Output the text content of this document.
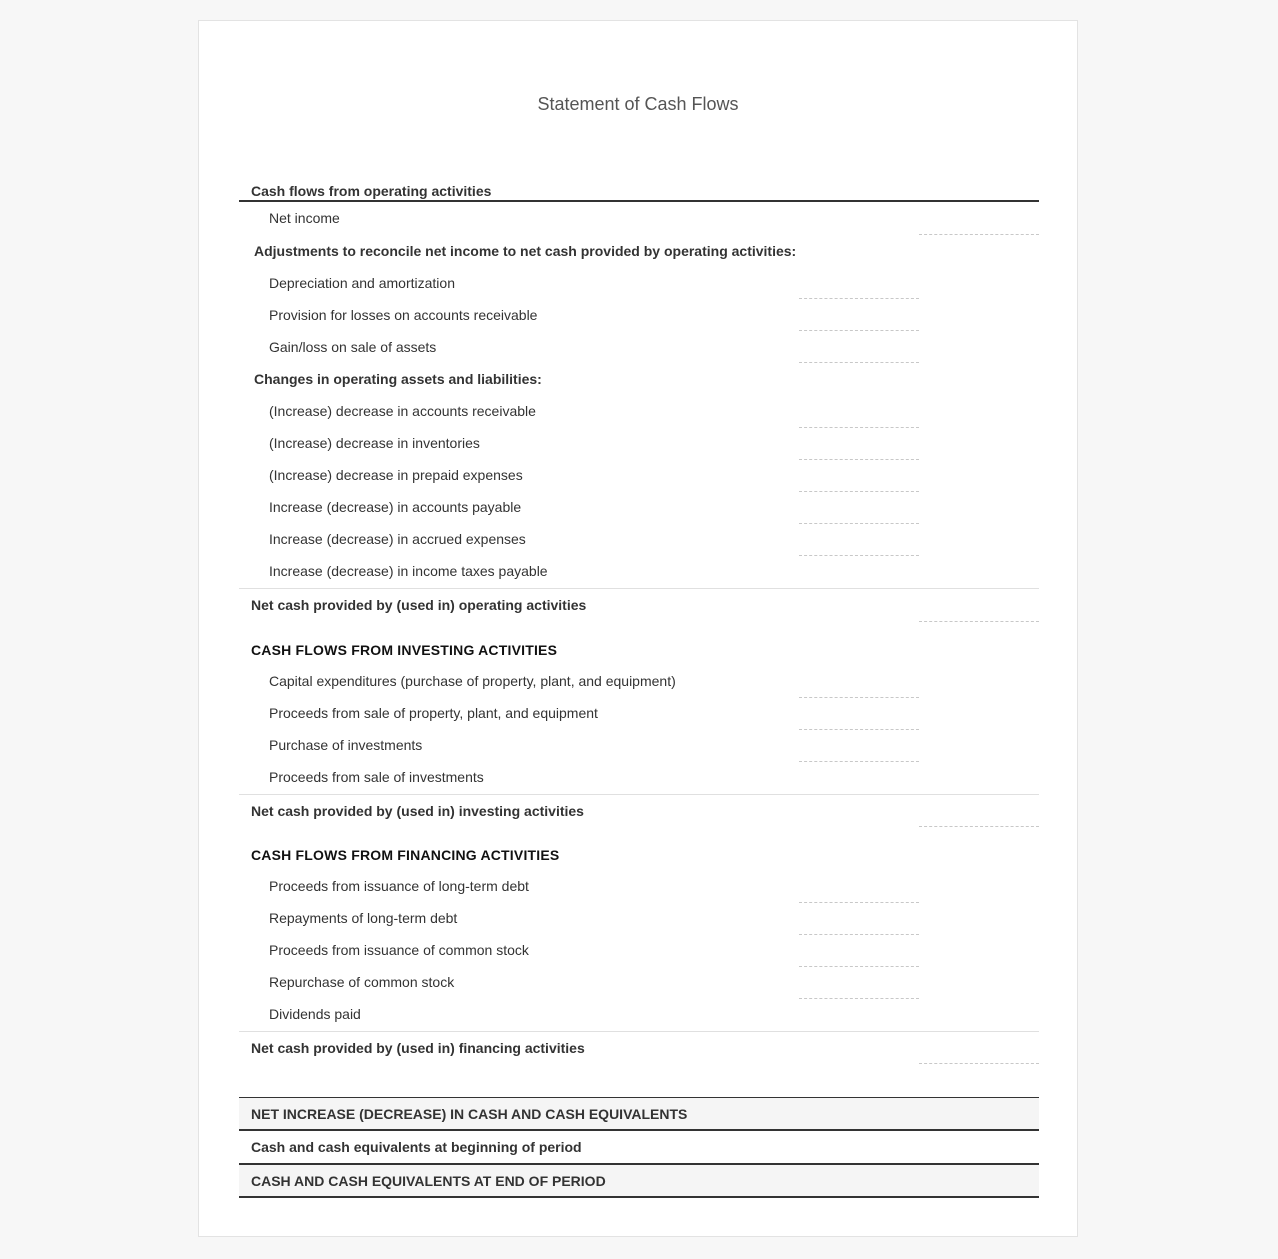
Statement of Cash Flows
Cash flows from operating activities
Net income
Adjustments to reconcile net income to net cash provided by operating activities:
Depreciation and amortization
Provision for losses on accounts receivable
Gain/loss on sale of assets
Changes in operating assets and liabilities:
(Increase) decrease in accounts receivable
(Increase) decrease in inventories
(Increase) decrease in prepaid expenses
Increase (decrease) in accounts payable
Increase (decrease) in accrued expenses
Increase (decrease) in income taxes payable
Net cash provided by (used in) operating activities
CASH FLOWS FROM INVESTING ACTIVITIES
Capital expenditures (purchase of property, plant, and equipment)
Proceeds from sale of property, plant, and equipment
Purchase of investments
Proceeds from sale of investments
Net cash provided by (used in) investing activities
CASH FLOWS FROM FINANCING ACTIVITIES
Proceeds from issuance of long-term debt
Repayments of long-term debt
Proceeds from issuance of common stock
Repurchase of common stock
Dividends paid
Net cash provided by (used in) financing activities
NET INCREASE (DECREASE) IN CASH AND CASH EQUIVALENTS
Cash and cash equivalents at beginning of period
CASH AND CASH EQUIVALENTS AT END OF PERIOD
